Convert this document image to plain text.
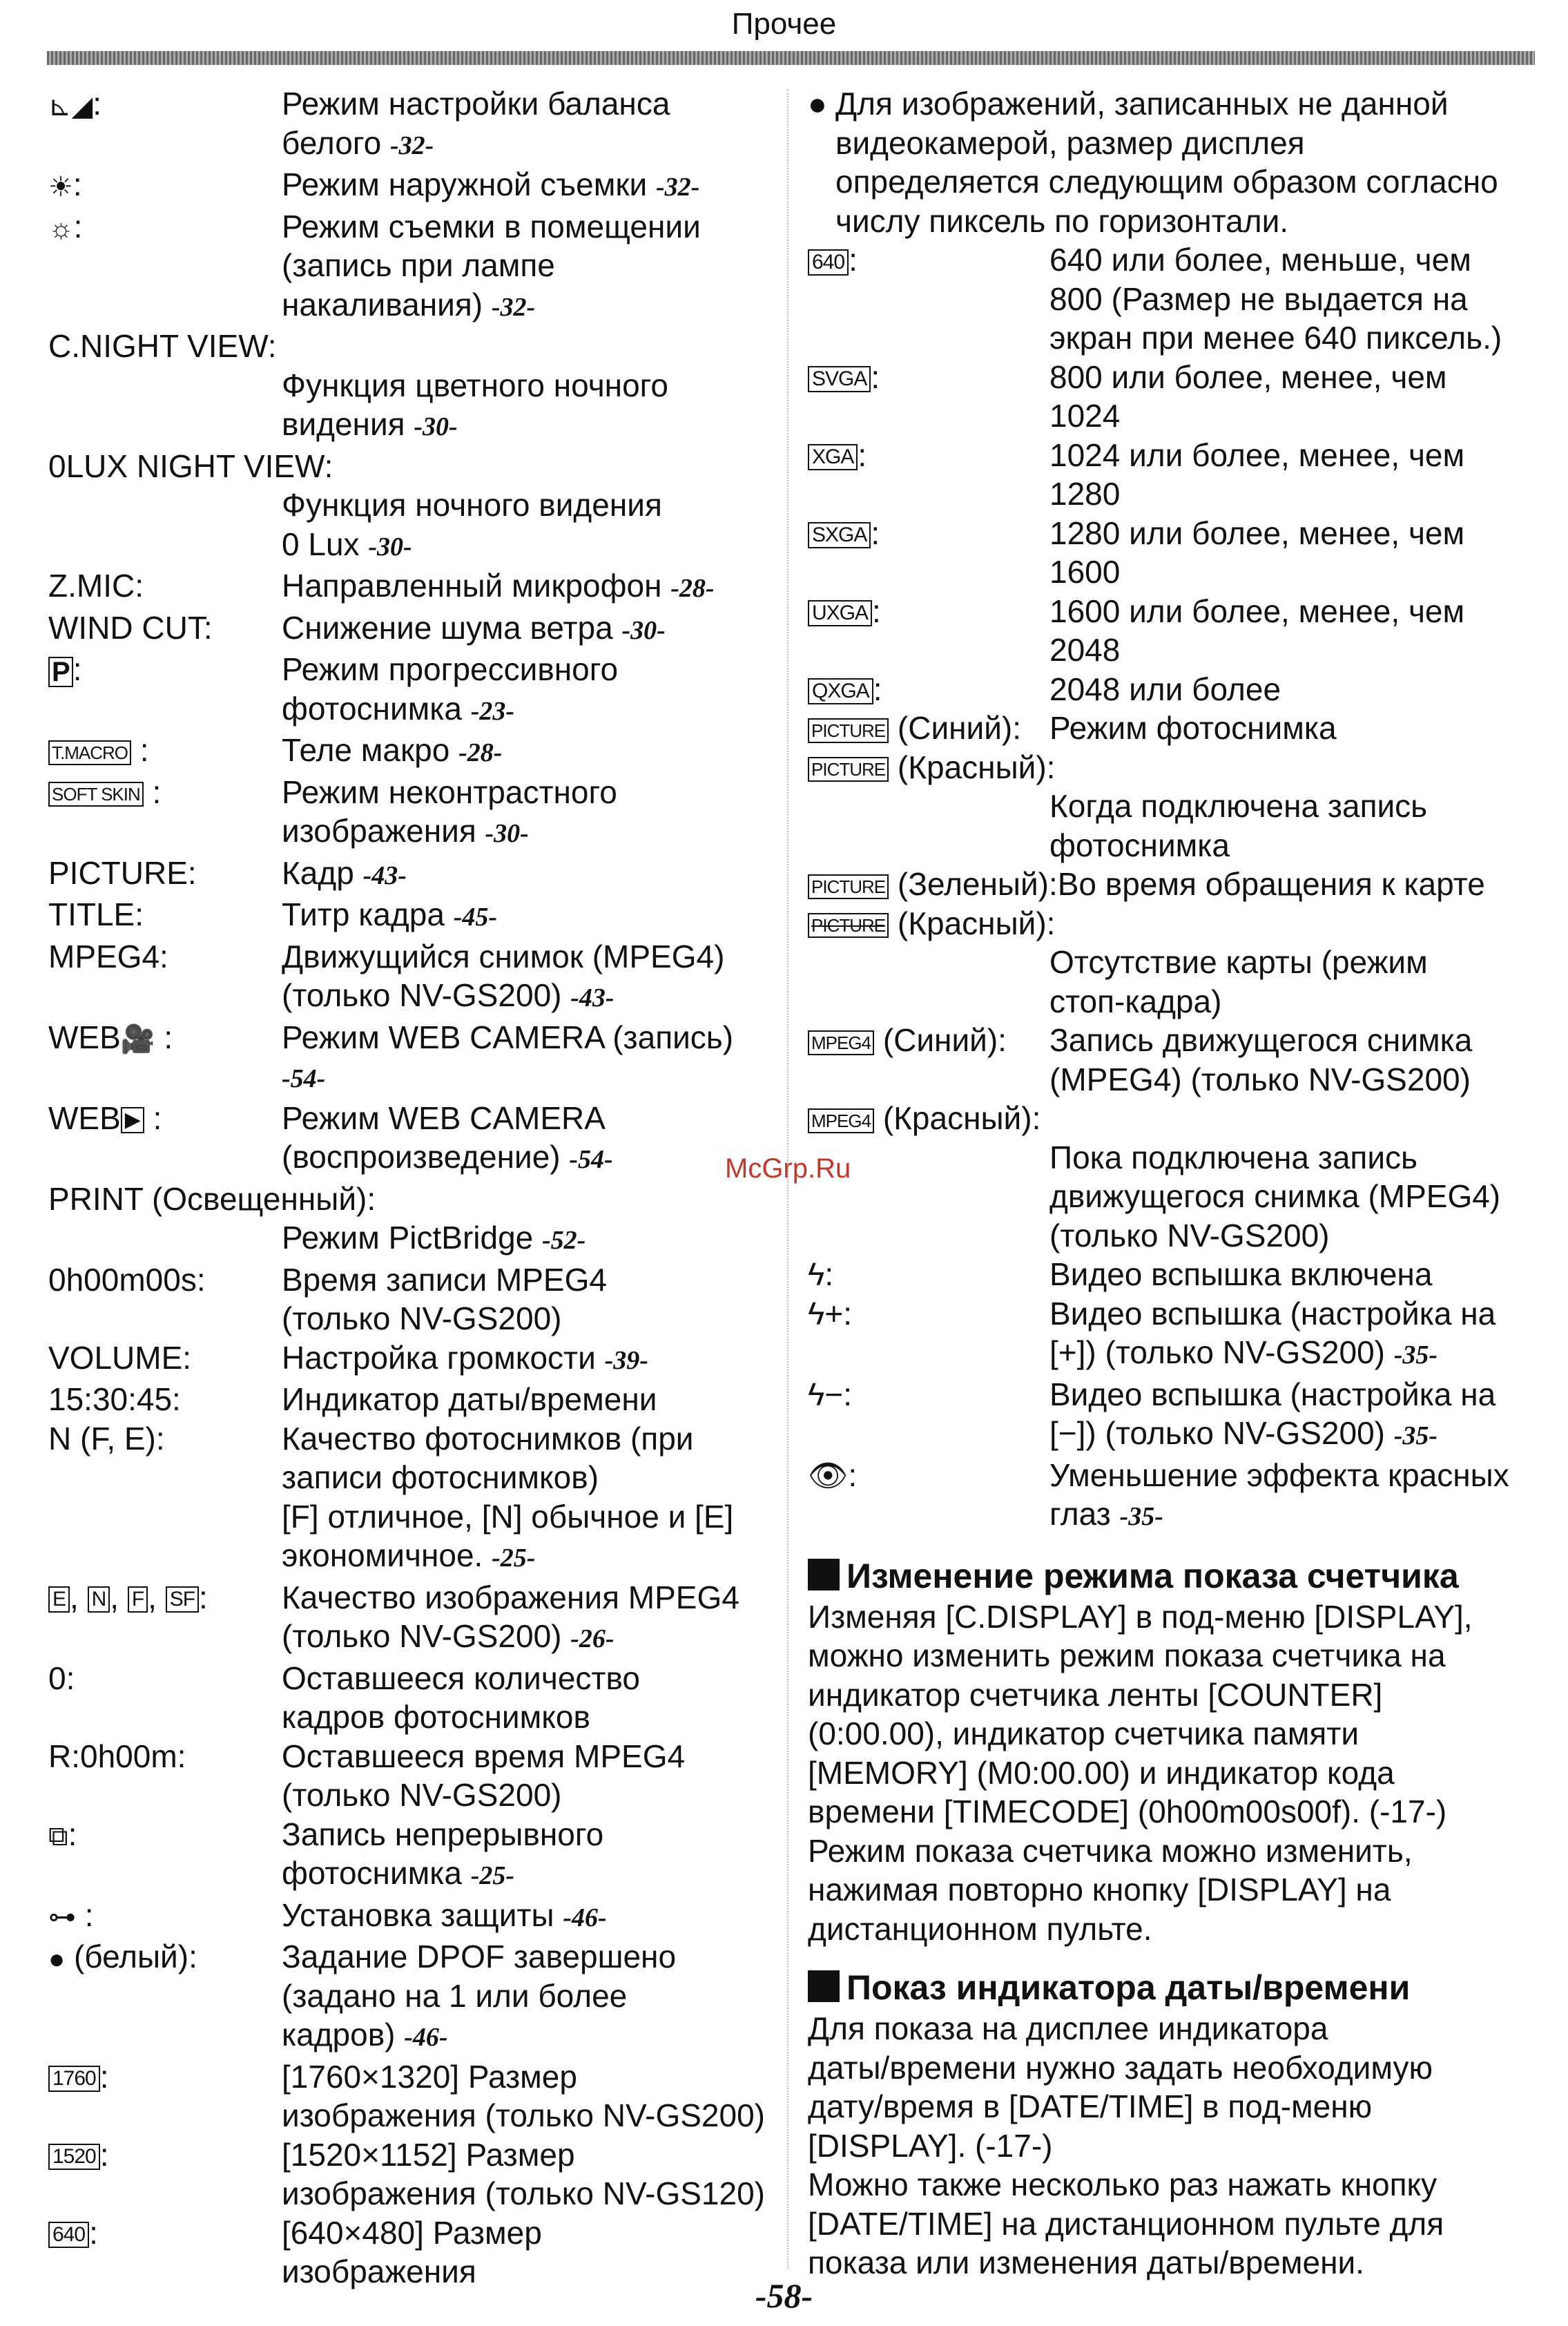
Прочее
⊾◢:	Режим настройки баланса
белого -32-
☀:	Режим наружной съемки -32-
☼:	Режим съемки в помещении
(запись при лампе
накаливания) -32-
C.NIGHT VIEW:
Функция цветного ночного
видения -30-
0LUX NIGHT VIEW:
Функция ночного видения
0 Lux -30-
Z.MIC:	Направленный микрофон -28-
WIND CUT:	Снижение шума ветра -30-
P :	Режим прогрессивного
фотоснимка -23-
T.MACRO :	Теле макро -28-
SOFT SKIN :	Режим неконтрастного
изображения -30-
PICTURE:	Кадр -43-
TITLE:	Титр кадра -45-
MPEG4:	Движущийся снимок (MPEG4)
(только NV-GS200) -43-
WEB🎥 :	Режим WEB CAMERA (запись)
-54-
WEB ▶ :	Режим WEB CAMERA
(воспроизведение) -54-
PRINT (Освещенный):
Режим PictBridge -52-
0h00m00s:	Время записи MPEG4
(только NV-GS200)
VOLUME:	Настройка громкости -39-
15:30:45:	Индикатор даты/времени
N (F, E):	Качество фотоснимков (при
записи фотоснимков)
[F] отличное, [N] обычное и [E]
экономичное. -25-
E , N , F , SF :	Качество изображения MPEG4
(только NV-GS200) -26-
0:	Оставшееся количество
кадров фотоснимков
R:0h00m:	Оставшееся время MPEG4
(только NV-GS200)
⧉:	Запись непрерывного
фотоснимка -25-
⊶ :	Установка защиты -46-
● (белый):	Задание DPOF завершено
(задано на 1 или более
кадров) -46-
1760 :	[1760×1320] Размер
изображения (только NV-GS200)
1520 :	[1520×1152] Размер
изображения (только NV-GS120)
640 :	[640×480] Размер
изображения
● Для изображений, записанных не данной
видеокамерой, размер дисплея
определяется следующим образом согласно
числу пиксель по горизонтали.
640 :	640 или более, меньше, чем
800 (Размер не выдается на
экран при менее 640 пиксель.)
SVGA :	800 или более, менее, чем
1024
XGA :	1024 или более, менее, чем
1280
SXGA :	1280 или более, менее, чем
1600
UXGA :	1600 или более, менее, чем
2048
QXGA :	2048 или более
PICTURE (Синий): Режим фотоснимка
PICTURE (Красный):
Когда подключена запись
фотоснимка
PICTURE (Зеленый):Во время обращения к карте
PICTURE (Красный):
Отсутствие карты (режим
стоп-кадра)
MPEG4 (Синий):	Запись движущегося снимка
(MPEG4) (только NV-GS200)
MPEG4 (Красный):
Пока подключена запись
движущегося снимка (MPEG4)
(только NV-GS200)
ϟ:	Видео вспышка включена
ϟ+:	Видео вспышка (настройка на
[+]) (только NV-GS200) -35-
ϟ−:	Видео вспышка (настройка на
[−]) (только NV-GS200) -35-
👁:	Уменьшение эффекта красных
глаз -35-
Изменение режима показа счетчика
Изменяя [C.DISPLAY] в под-меню [DISPLAY],
можно изменить режим показа счетчика на
индикатор счетчика ленты [COUNTER]
(0:00.00), индикатор счетчика памяти
[MEMORY] (M0:00.00) и индикатор кода
времени [TIMECODE] (0h00m00s00f). (-17-)
Режим показа счетчика можно изменить,
нажимая повторно кнопку [DISPLAY] на
дистанционном пульте.
Показ индикатора даты/времени
Для показа на дисплее индикатора
даты/времени нужно задать необходимую
дату/время в [DATE/TIME] в под-меню
[DISPLAY]. (-17-)
Можно также несколько раз нажать кнопку
[DATE/TIME] на дистанционном пульте для
показа или изменения даты/времени.
McGrp.Ru
-58-
